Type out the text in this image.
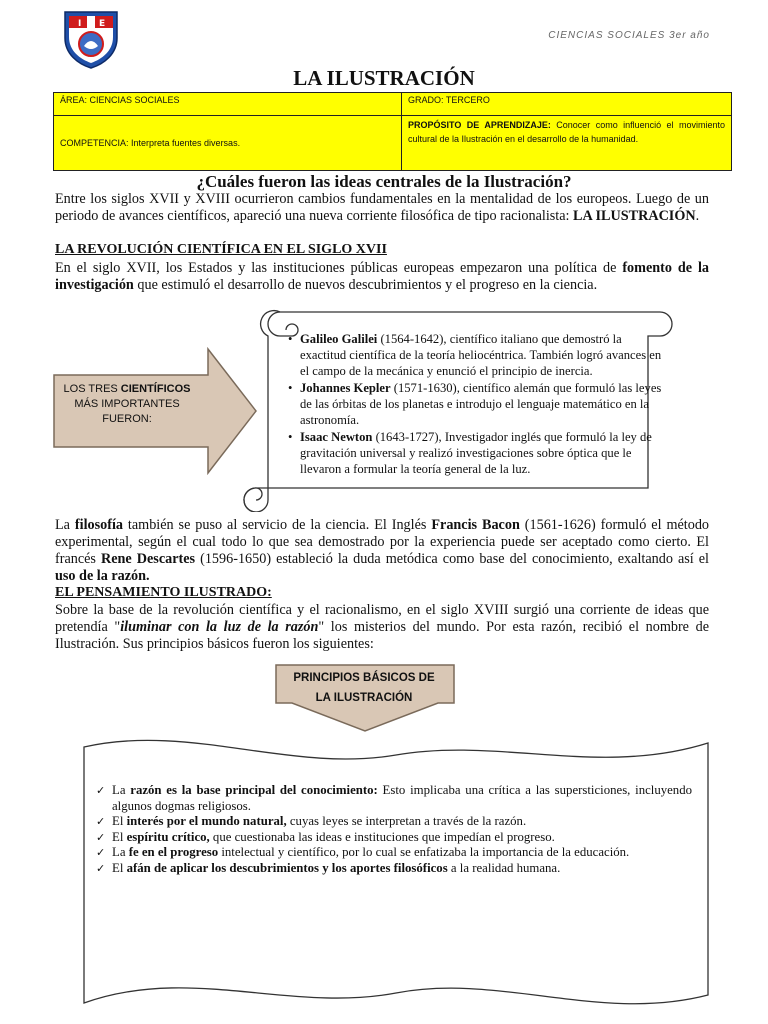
I E
CIENCIAS SOCIALES 3er año
LA ILUSTRACIÓN
ÁREA: CIENCIAS SOCIALES	GRADO: TERCERO
COMPETENCIA: Interpreta fuentes diversas.	PROPÓSITO DE APRENDIZAJE: Conocer como influenció el movimiento cultural de la Ilustración en el desarrollo de la humanidad.
¿Cuáles fueron las ideas centrales de la Ilustración?
Entre los siglos XVII y XVIII ocurrieron cambios fundamentales en la mentalidad de los europeos. Luego de un periodo de avances científicos, apareció una nueva corriente filosófica de tipo racionalista: LA ILUSTRACIÓN.
LA REVOLUCIÓN CIENTÍFICA EN EL SIGLO XVII
En el siglo XVII, los Estados y las instituciones públicas europeas empezaron una política de fomento de la investigación que estimuló el desarrollo de nuevos descubrimientos y el progreso en la ciencia.
LOS TRES CIENTÍFICOS
MÁS IMPORTANTES
FUERON:
• Galileo Galilei (1564-1642), científico italiano que demostró la exactitud científica de la teoría heliocéntrica. También logró avances en el campo de la mecánica y enunció el principio de inercia.
• Johannes Kepler (1571-1630), científico alemán que formuló las leyes de las órbitas de los planetas e introdujo el lenguaje matemático en la astronomía.
• Isaac Newton (1643-1727), Investigador inglés que formuló la ley de gravitación universal y realizó investigaciones sobre óptica que le llevaron a formular la teoría general de la luz.
La filosofía también se puso al servicio de la ciencia. El Inglés Francis Bacon (1561-1626) formuló el método experimental, según el cual todo lo que sea demostrado por la experiencia puede ser aceptado como cierto. El francés Rene Descartes (1596-1650) estableció la duda metódica como base del conocimiento, exaltando así el uso de la razón.
EL PENSAMIENTO ILUSTRADO:
Sobre la base de la revolución científica y el racionalismo, en el siglo XVIII surgió una corriente de ideas que pretendía "iluminar con la luz de la razón" los misterios del mundo. Por esta razón, recibió el nombre de Ilustración. Sus principios básicos fueron los siguientes:
PRINCIPIOS BÁSICOS DE
LA ILUSTRACIÓN
✓ La razón es la base principal del conocimiento: Esto implicaba una crítica a las supersticiones, incluyendo algunos dogmas religiosos.
✓ El interés por el mundo natural, cuyas leyes se interpretan a través de la razón.
✓ El espíritu crítico, que cuestionaba las ideas e instituciones que impedían el progreso.
✓ La fe en el progreso intelectual y científico, por lo cual se enfatizaba la importancia de la educación.
✓ El afán de aplicar los descubrimientos y los aportes filosóficos a la realidad humana.
